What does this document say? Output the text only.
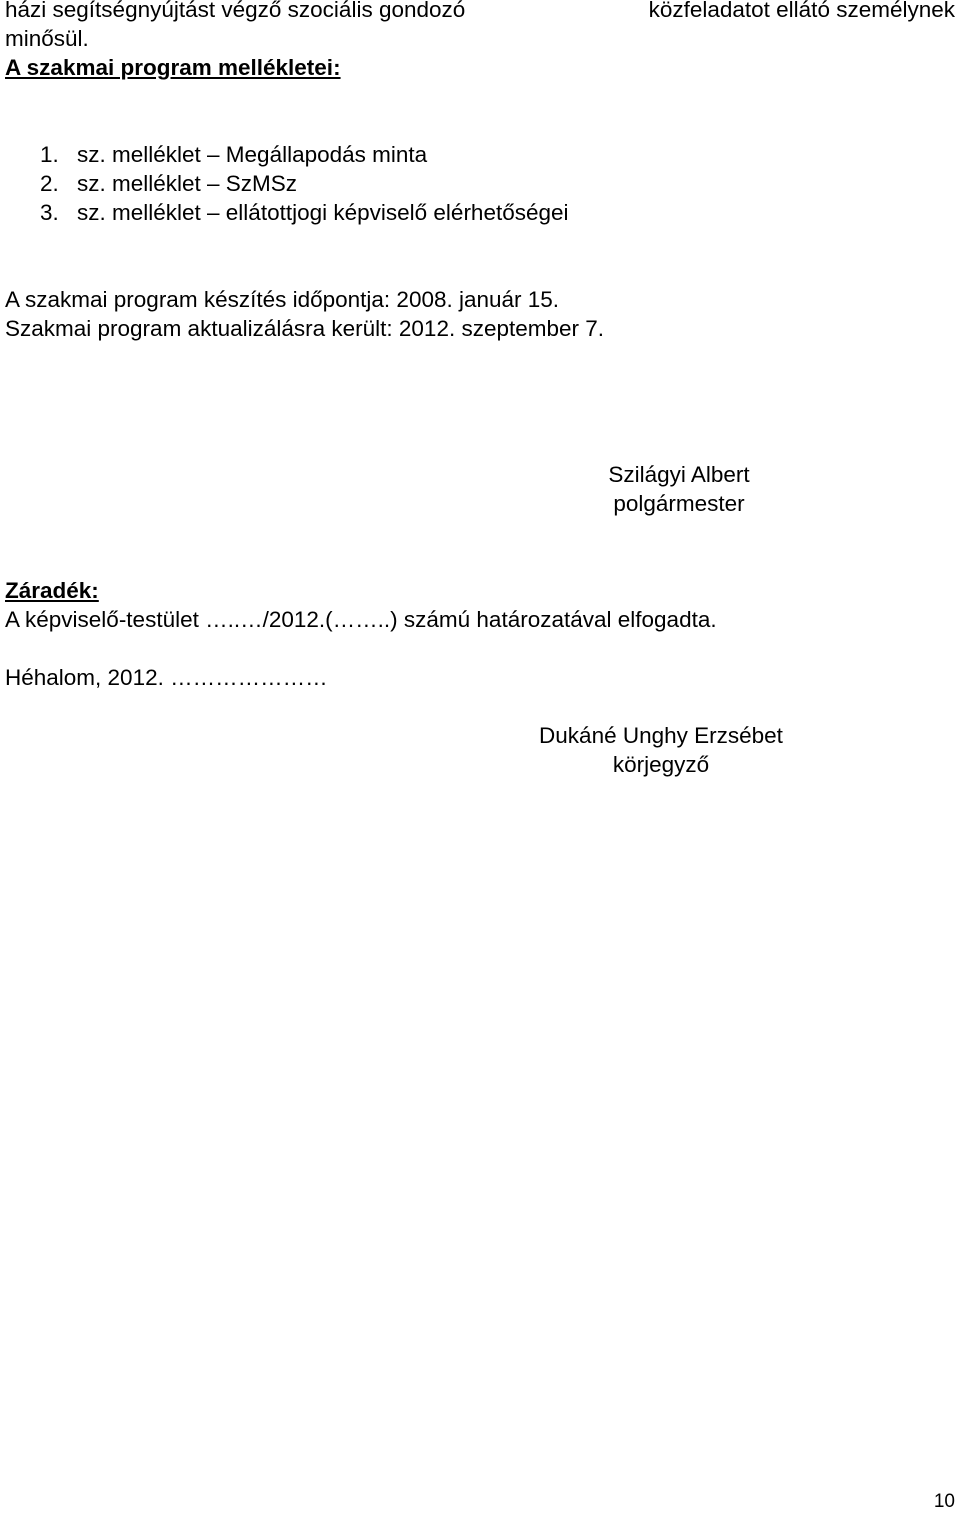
házi segítségnyújtást végző szociális gondozó	közfeladatot ellátó személynek
minősül.
A szakmai program mellékletei:
1. sz. melléklet – Megállapodás minta
2. sz. melléklet – SzMSz
3. sz. melléklet – ellátottjogi képviselő elérhetőségei
A szakmai program készítés időpontja: 2008. január 15.
Szakmai program aktualizálásra került: 2012. szeptember 7.
Szilágyi Albert
polgármester
Záradék:
A képviselő-testület …..…/2012.(……..) számú határozatával elfogadta.
Héhalom, 2012. …………………
Dukáné Unghy Erzsébet
körjegyző
10
